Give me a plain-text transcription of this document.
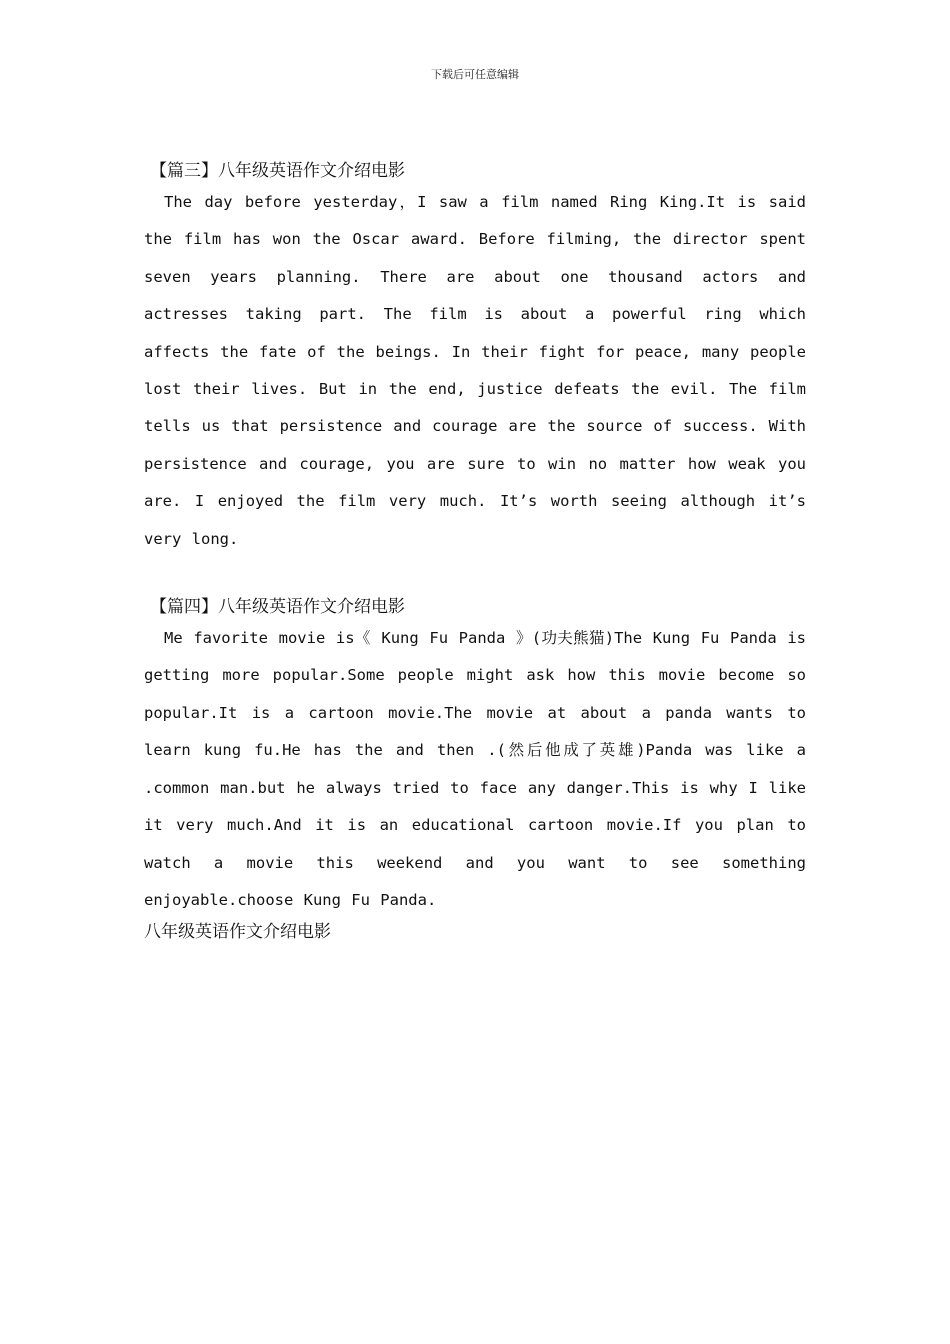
下载后可任意编辑
【篇三】八年级英语作文介绍电影

The day before yesterday，I saw a film named Ring King.It is said the film has won the Oscar award. Before filming, the director spent seven years planning. There are about one thousand actors and actresses taking part. The film is about a powerful ring which affects the fate of the beings. In their fight for peace, many people lost their lives. But in the end, justice defeats the evil. The film tells us that persistence and courage are the source of success. With persistence and courage, you are sure to win no matter how weak you are. I enjoyed the film very much. It’s worth seeing although it’s very long.

【篇四】八年级英语作文介绍电影

Me favorite movie is《 Kung Fu Panda 》(功夫熊猫)The Kung Fu Panda is getting more popular.Some people might ask how this movie become so popular.It is a cartoon movie.The movie at about a panda wants to learn kung fu.He has the and then .(然后他成了英雄)Panda was like a .common man.but he always tried to face any danger.This is why I like it very much.And it is an educational cartoon movie.If you plan to watch a movie this weekend and you want to see something enjoyable.choose Kung Fu Panda.

八年级英语作文介绍电影
